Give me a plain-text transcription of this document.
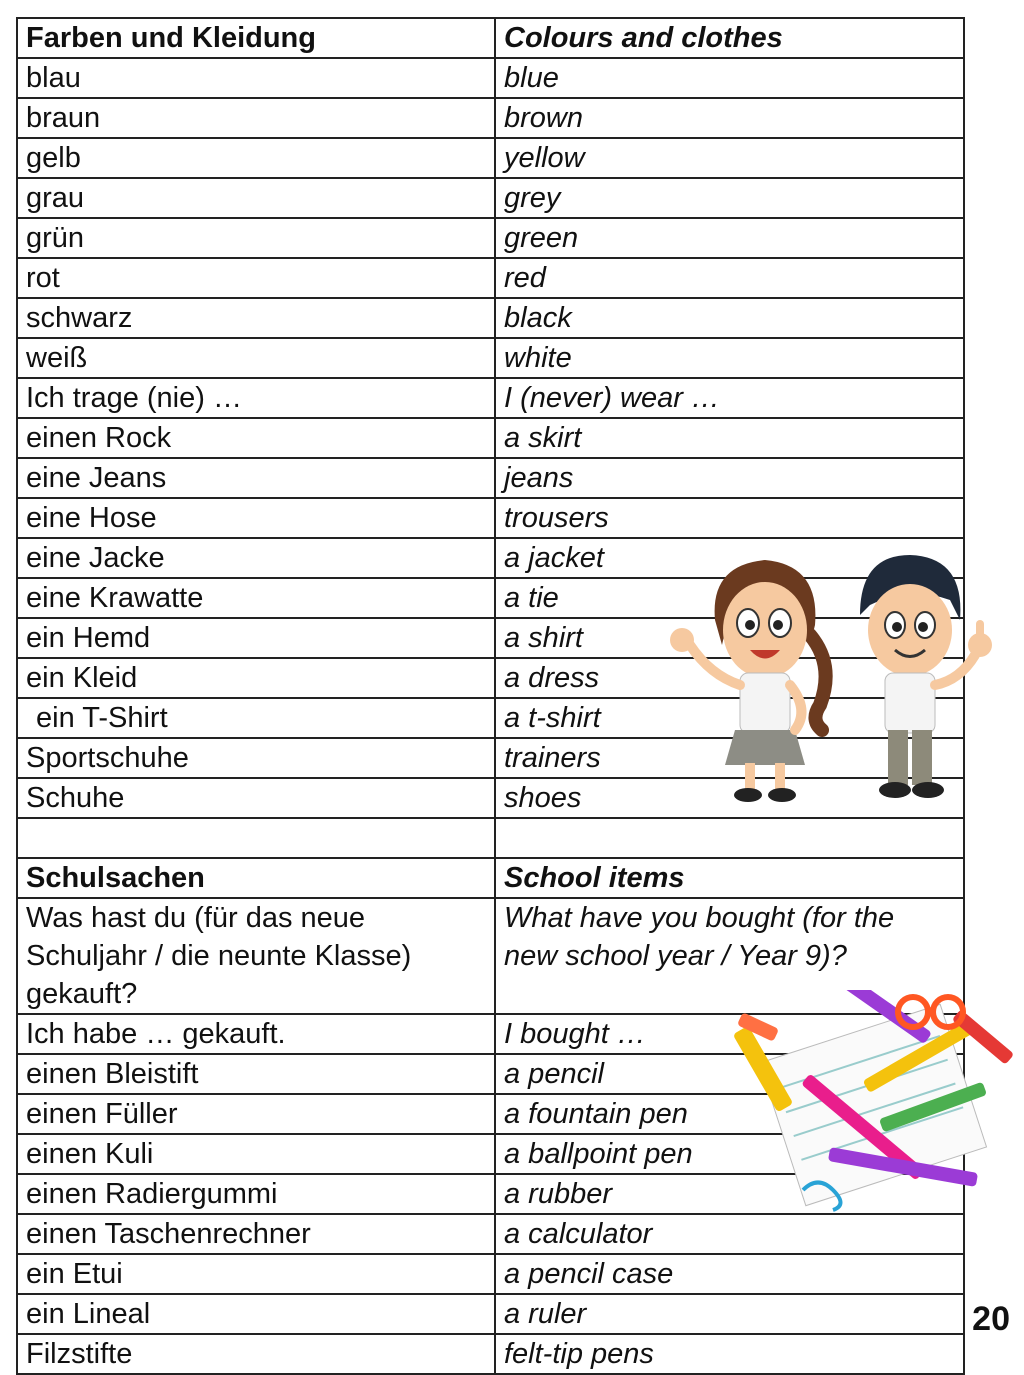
Farben und Kleidung	Colours and clothes
blau	blue
braun	brown
gelb	yellow
grau	grey
grün	green
rot	red
schwarz	black
weiß	white
Ich trage (nie) …	I (never) wear …
einen Rock	a skirt
eine Jeans	jeans
eine Hose	trousers
eine Jacke	a jacket
eine Krawatte	a tie
ein Hemd	a shirt
ein Kleid	a dress
ein T-Shirt	a t-shirt
Sportschuhe	trainers
Schuhe	shoes

Schulsachen	School items
Was hast du (für das neue Schuljahr / die neunte Klasse) gekauft?	What have you bought (for the new school year / Year 9)?
Ich habe … gekauft.	I bought …
einen Bleistift	a pencil
einen Füller	a fountain pen
einen Kuli	a ballpoint pen
einen Radiergummi	a rubber
einen Taschenrechner	a calculator
ein Etui	a pencil case
ein Lineal	a ruler
Filzstifte	felt-tip pens
20
